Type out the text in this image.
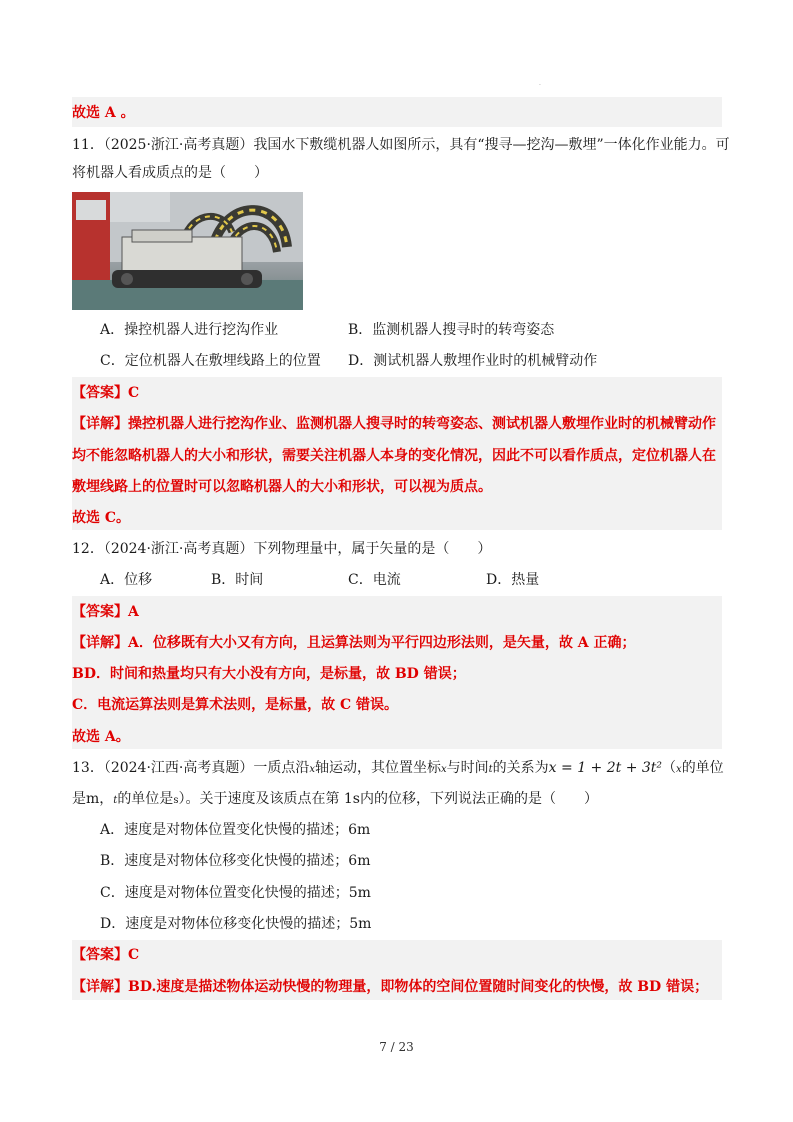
.
故选 A 。
11．（2025·浙江·高考真题）我国水下敷缆机器人如图所示，具有“搜寻—挖沟—敷埋”一体化作业能力。可
将机器人看成质点的是（　　）
A．操控机器人进行挖沟作业	B．监测机器人搜寻时的转弯姿态
C．定位机器人在敷埋线路上的位置 D．测试机器人敷埋作业时的机械臂动作
【答案】C
【详解】操控机器人进行挖沟作业、监测机器人搜寻时的转弯姿态、测试机器人敷埋作业时的机械臂动作
均不能忽略机器人的大小和形状，需要关注机器人本身的变化情况，因此不可以看作质点，定位机器人在
敷埋线路上的位置时可以忽略机器人的大小和形状，可以视为质点。
故选 C。
12．（2024·浙江·高考真题）下列物理量中，属于矢量的是（　　）
A．位移	B．时间	C．电流	D．热量
【答案】A
【详解】A．位移既有大小又有方向，且运算法则为平行四边形法则，是矢量，故 A 正确；
BD．时间和热量均只有大小没有方向，是标量，故 BD 错误；
C．电流运算法则是算术法则，是标量，故 C 错误。
故选 A。
13．（2024·江西·高考真题）一质点沿x轴运动，其位置坐标x与时间t的关系为x = 1 + 2t + 3t²（x的单位
是m，t的单位是s）。关于速度及该质点在第 1s内的位移，下列说法正确的是（　　）
A．速度是对物体位置变化快慢的描述；6m
B．速度是对物体位移变化快慢的描述；6m
C．速度是对物体位置变化快慢的描述；5m
D．速度是对物体位移变化快慢的描述；5m
【答案】C
【详解】BD.速度是描述物体运动快慢的物理量，即物体的空间位置随时间变化的快慢，故 BD 错误；
7 / 23
